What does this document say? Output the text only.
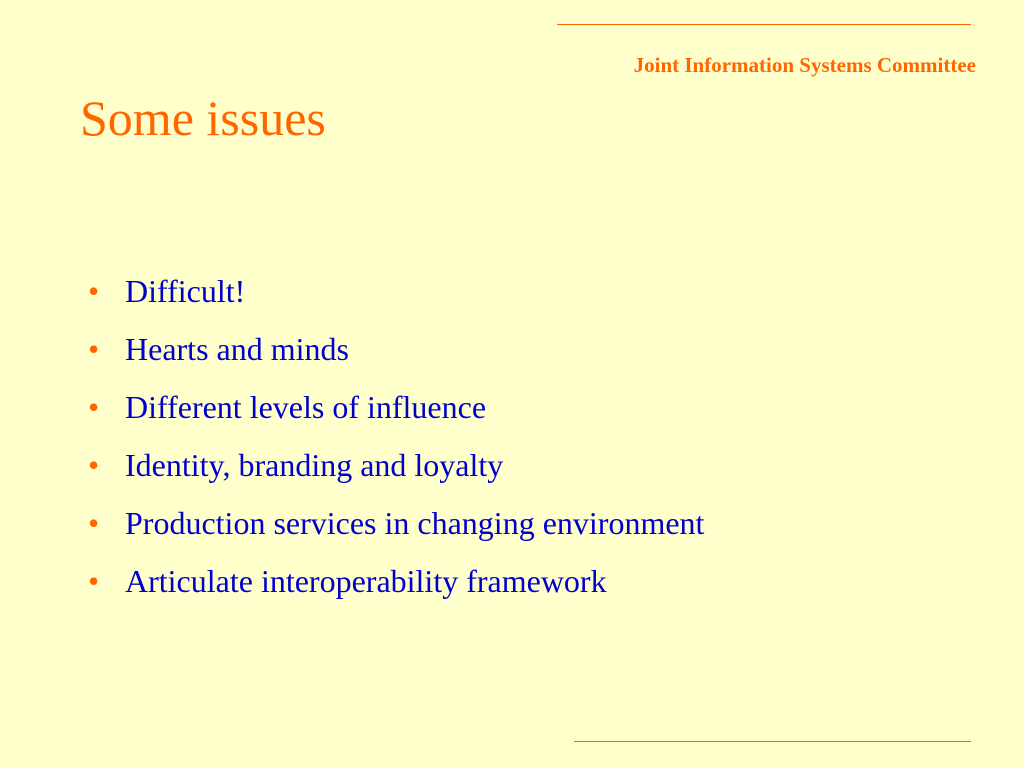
Joint Information Systems Committee
Some issues
• Difficult!
• Hearts and minds
• Different levels of influence
• Identity, branding and loyalty
• Production services in changing environment
• Articulate interoperability framework
